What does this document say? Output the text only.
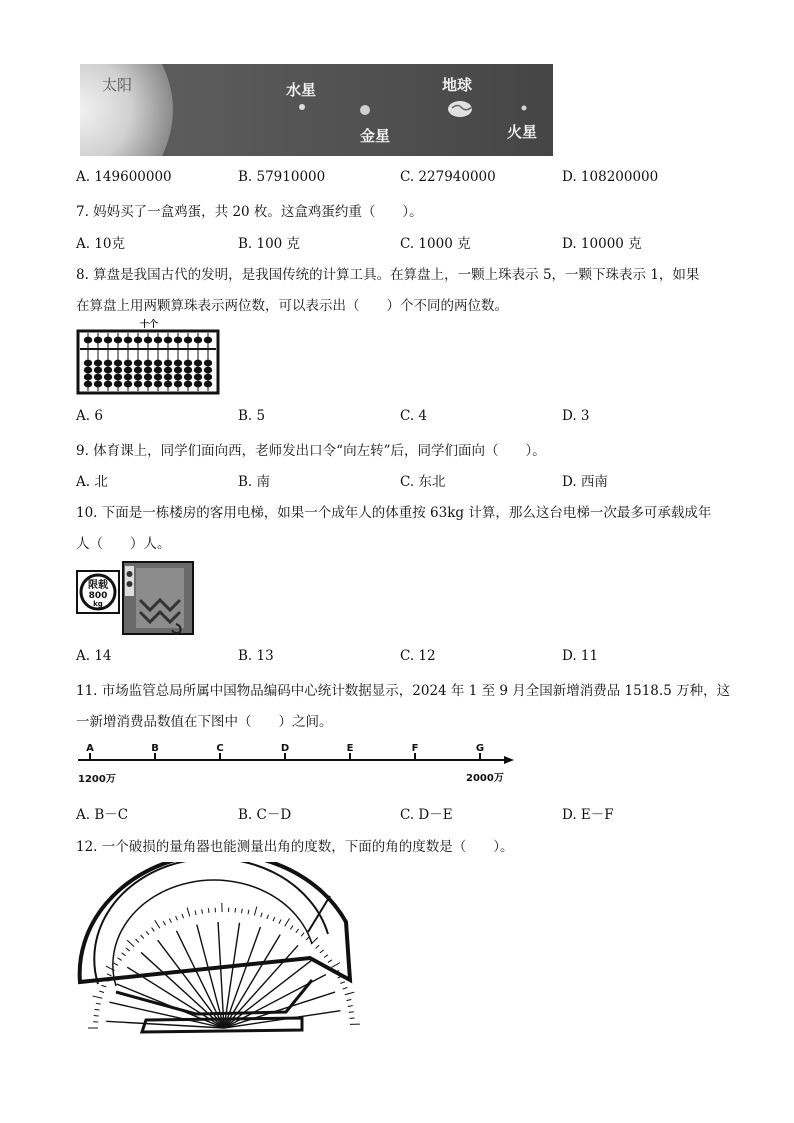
太阳	水星
金星
地球
火星
A. 149600000	B. 57910000	C. 227940000	D. 108200000
7. 妈妈买了一盒鸡蛋，共 20 枚。这盒鸡蛋约重（　　）。
A. 10克	B. 100 克	C. 1000 克	D. 10000 克
8. 算盘是我国古代的发明，是我国传统的计算工具。在算盘上，一颗上珠表示 5，一颗下珠表示 1，如果
在算盘上用两颗算珠表示两位数，可以表示出（　　）个不同的两位数。
十个
A. 6	B. 5	C. 4	D. 3
9. 体育课上，同学们面向西，老师发出口令“向左转”后，同学们面向（　　）。
A. 北	B. 南	C. 东北	D. 西南
10. 下面是一栋楼房的客用电梯，如果一个成年人的体重按 63kg 计算，那么这台电梯一次最多可承载成年
人（　　）人。
限载
800
kg
A. 14	B. 13	C. 12	D. 11
11. 市场监管总局所属中国物品编码中心统计数据显示，2024 年 1 至 9 月全国新增消费品 1518.5 万种，这
一新增消费品数值在下图中（　　）之间。
1200万	2000万
A	B	C	D	E	F	G
A. B－C	B. C－D	C. D－E	D. E－F
12. 一个破损的量角器也能测量出角的度数，下面的角的度数是（　　）。
